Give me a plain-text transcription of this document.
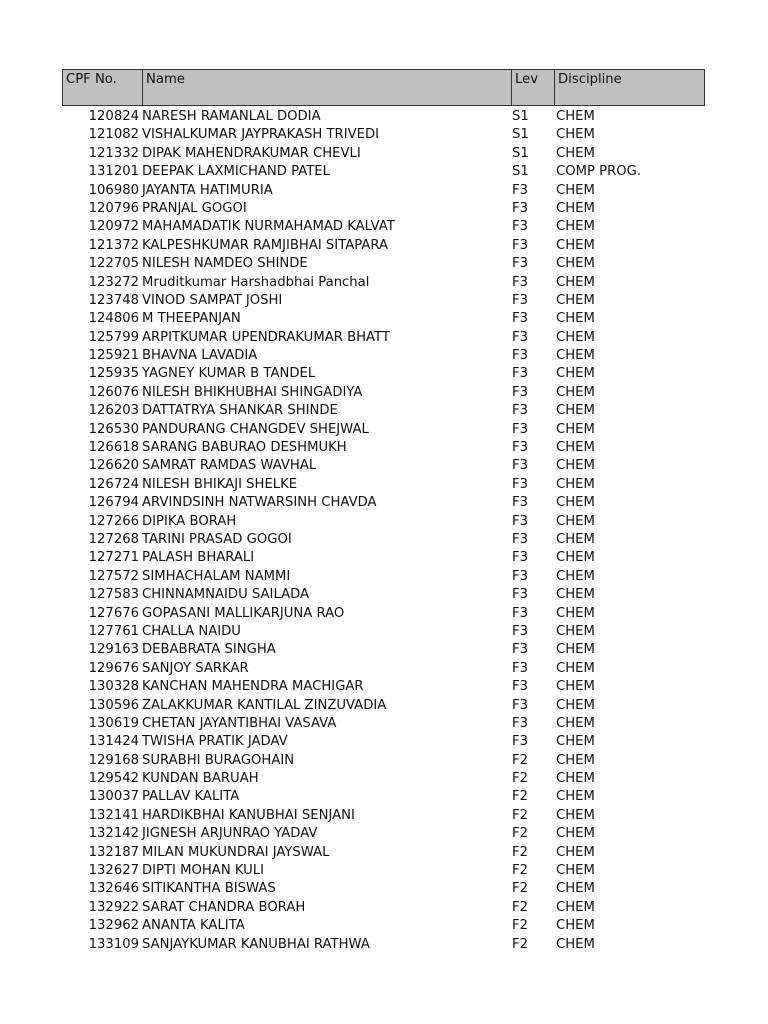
CPF No.	Name	Lev	Discipline
120824 NARESH RAMANLAL DODIA	S1	CHEM
121082 VISHALKUMAR JAYPRAKASH TRIVEDI	S1	CHEM
121332 DIPAK MAHENDRAKUMAR CHEVLI	S1	CHEM
131201 DEEPAK LAXMICHAND PATEL	S1	COMP PROG.
106980 JAYANTA HATIMURIA	F3	CHEM
120796 PRANJAL GOGOI	F3	CHEM
120972 MAHAMADATIK NURMAHAMAD KALVAT	F3	CHEM
121372 KALPESHKUMAR RAMJIBHAI SITAPARA	F3	CHEM
122705 NILESH NAMDEO SHINDE	F3	CHEM
123272 Mruditkumar Harshadbhai Panchal	F3	CHEM
123748 VINOD SAMPAT JOSHI	F3	CHEM
124806 M THEEPANJAN	F3	CHEM
125799 ARPITKUMAR UPENDRAKUMAR BHATT	F3	CHEM
125921 BHAVNA LAVADIA	F3	CHEM
125935 YAGNEY KUMAR B TANDEL	F3	CHEM
126076 NILESH BHIKHUBHAI SHINGADIYA	F3	CHEM
126203 DATTATRYA SHANKAR SHINDE	F3	CHEM
126530 PANDURANG CHANGDEV SHEJWAL	F3	CHEM
126618 SARANG BABURAO DESHMUKH	F3	CHEM
126620 SAMRAT RAMDAS WAVHAL	F3	CHEM
126724 NILESH BHIKAJI SHELKE	F3	CHEM
126794 ARVINDSINH NATWARSINH CHAVDA	F3	CHEM
127266 DIPIKA BORAH	F3	CHEM
127268 TARINI PRASAD GOGOI	F3	CHEM
127271 PALASH BHARALI	F3	CHEM
127572 SIMHACHALAM NAMMI	F3	CHEM
127583 CHINNAMNAIDU SAILADA	F3	CHEM
127676 GOPASANI MALLIKARJUNA RAO	F3	CHEM
127761 CHALLA NAIDU	F3	CHEM
129163 DEBABRATA SINGHA	F3	CHEM
129676 SANJOY SARKAR	F3	CHEM
130328 KANCHAN MAHENDRA MACHIGAR	F3	CHEM
130596 ZALAKKUMAR KANTILAL ZINZUVADIA	F3	CHEM
130619 CHETAN JAYANTIBHAI VASAVA	F3	CHEM
131424 TWISHA PRATIK JADAV	F3	CHEM
129168 SURABHI BURAGOHAIN	F2	CHEM
129542 KUNDAN BARUAH	F2	CHEM
130037 PALLAV KALITA	F2	CHEM
132141 HARDIKBHAI KANUBHAI SENJANI	F2	CHEM
132142 JIGNESH ARJUNRAO YADAV	F2	CHEM
132187 MILAN MUKUNDRAI JAYSWAL	F2	CHEM
132627 DIPTI MOHAN KULI	F2	CHEM
132646 SITIKANTHA BISWAS	F2	CHEM
132922 SARAT CHANDRA BORAH	F2	CHEM
132962 ANANTA KALITA	F2	CHEM
133109 SANJAYKUMAR KANUBHAI RATHWA	F2	CHEM
